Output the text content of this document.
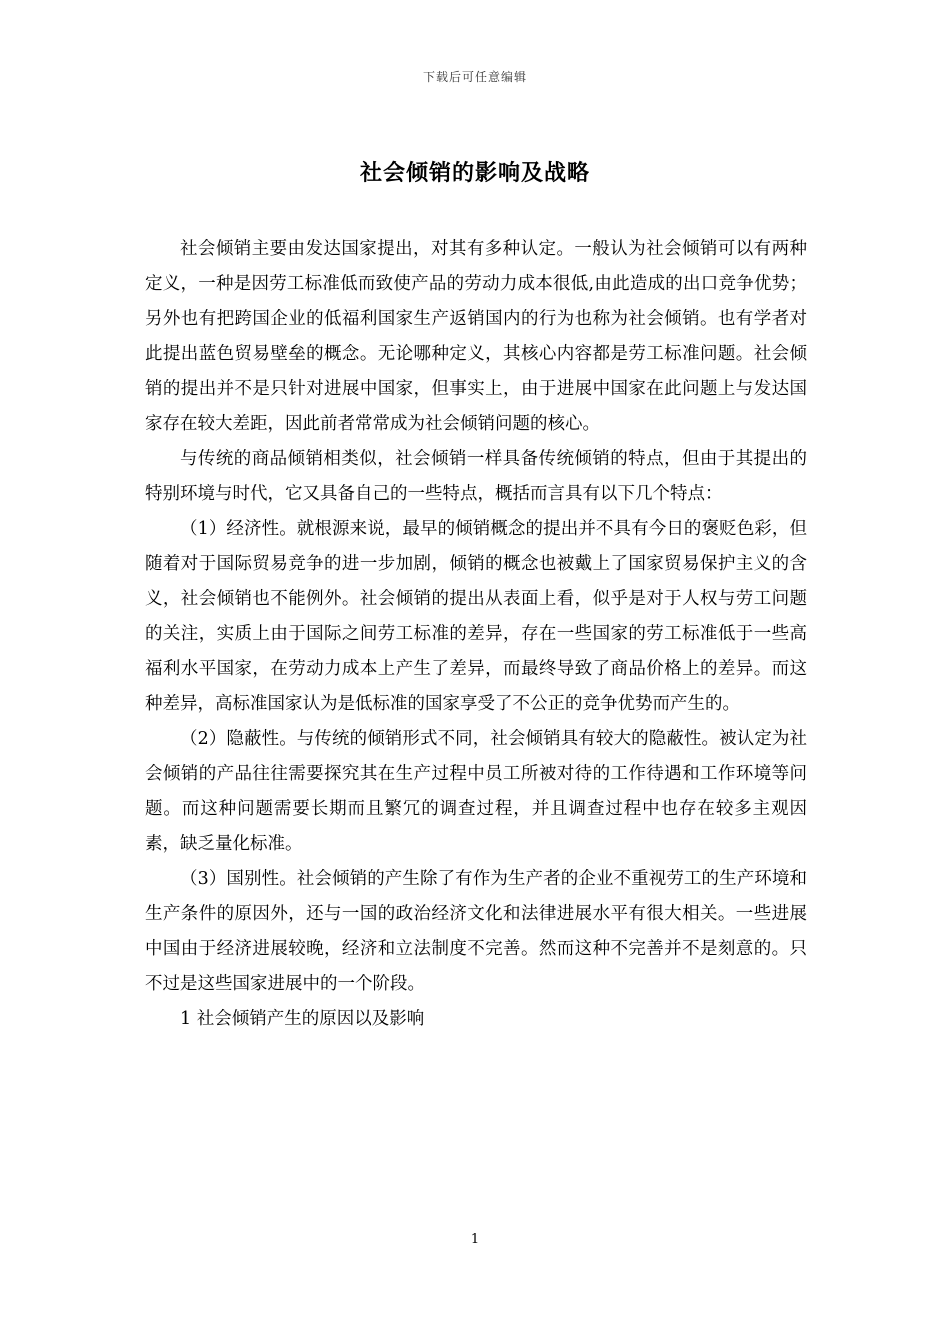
下载后可任意编辑
社会倾销的影响及战略

社会倾销主要由发达国家提出，对其有多种认定。一般认为社会倾销可以有两种定义，一种是因劳工标准低而致使产品的劳动力成本很低,由此造成的出口竞争优势；另外也有把跨国企业的低福利国家生产返销国内的行为也称为社会倾销。也有学者对此提出蓝色贸易壁垒的概念。无论哪种定义，其核心内容都是劳工标准问题。社会倾销的提出并不是只针对进展中国家，但事实上，由于进展中国家在此问题上与发达国家存在较大差距，因此前者常常成为社会倾销问题的核心。

与传统的商品倾销相类似，社会倾销一样具备传统倾销的特点，但由于其提出的特别环境与时代，它又具备自己的一些特点，概括而言具有以下几个特点：

（1）经济性。就根源来说，最早的倾销概念的提出并不具有今日的褒贬色彩，但随着对于国际贸易竞争的进一步加剧，倾销的概念也被戴上了国家贸易保护主义的含义，社会倾销也不能例外。社会倾销的提出从表面上看，似乎是对于人权与劳工问题的关注，实质上由于国际之间劳工标准的差异，存在一些国家的劳工标准低于一些高福利水平国家，在劳动力成本上产生了差异，而最终导致了商品价格上的差异。而这种差异，高标准国家认为是低标准的国家享受了不公正的竞争优势而产生的。

（2）隐蔽性。与传统的倾销形式不同，社会倾销具有较大的隐蔽性。被认定为社会倾销的产品往往需要探究其在生产过程中员工所被对待的工作待遇和工作环境等问题。而这种问题需要长期而且繁冗的调查过程，并且调查过程中也存在较多主观因素，缺乏量化标准。

（3）国别性。社会倾销的产生除了有作为生产者的企业不重视劳工的生产环境和生产条件的原因外，还与一国的政治经济文化和法律进展水平有很大相关。一些进展中国由于经济进展较晚，经济和立法制度不完善。然而这种不完善并不是刻意的。只不过是这些国家进展中的一个阶段。

1 社会倾销产生的原因以及影响

1
